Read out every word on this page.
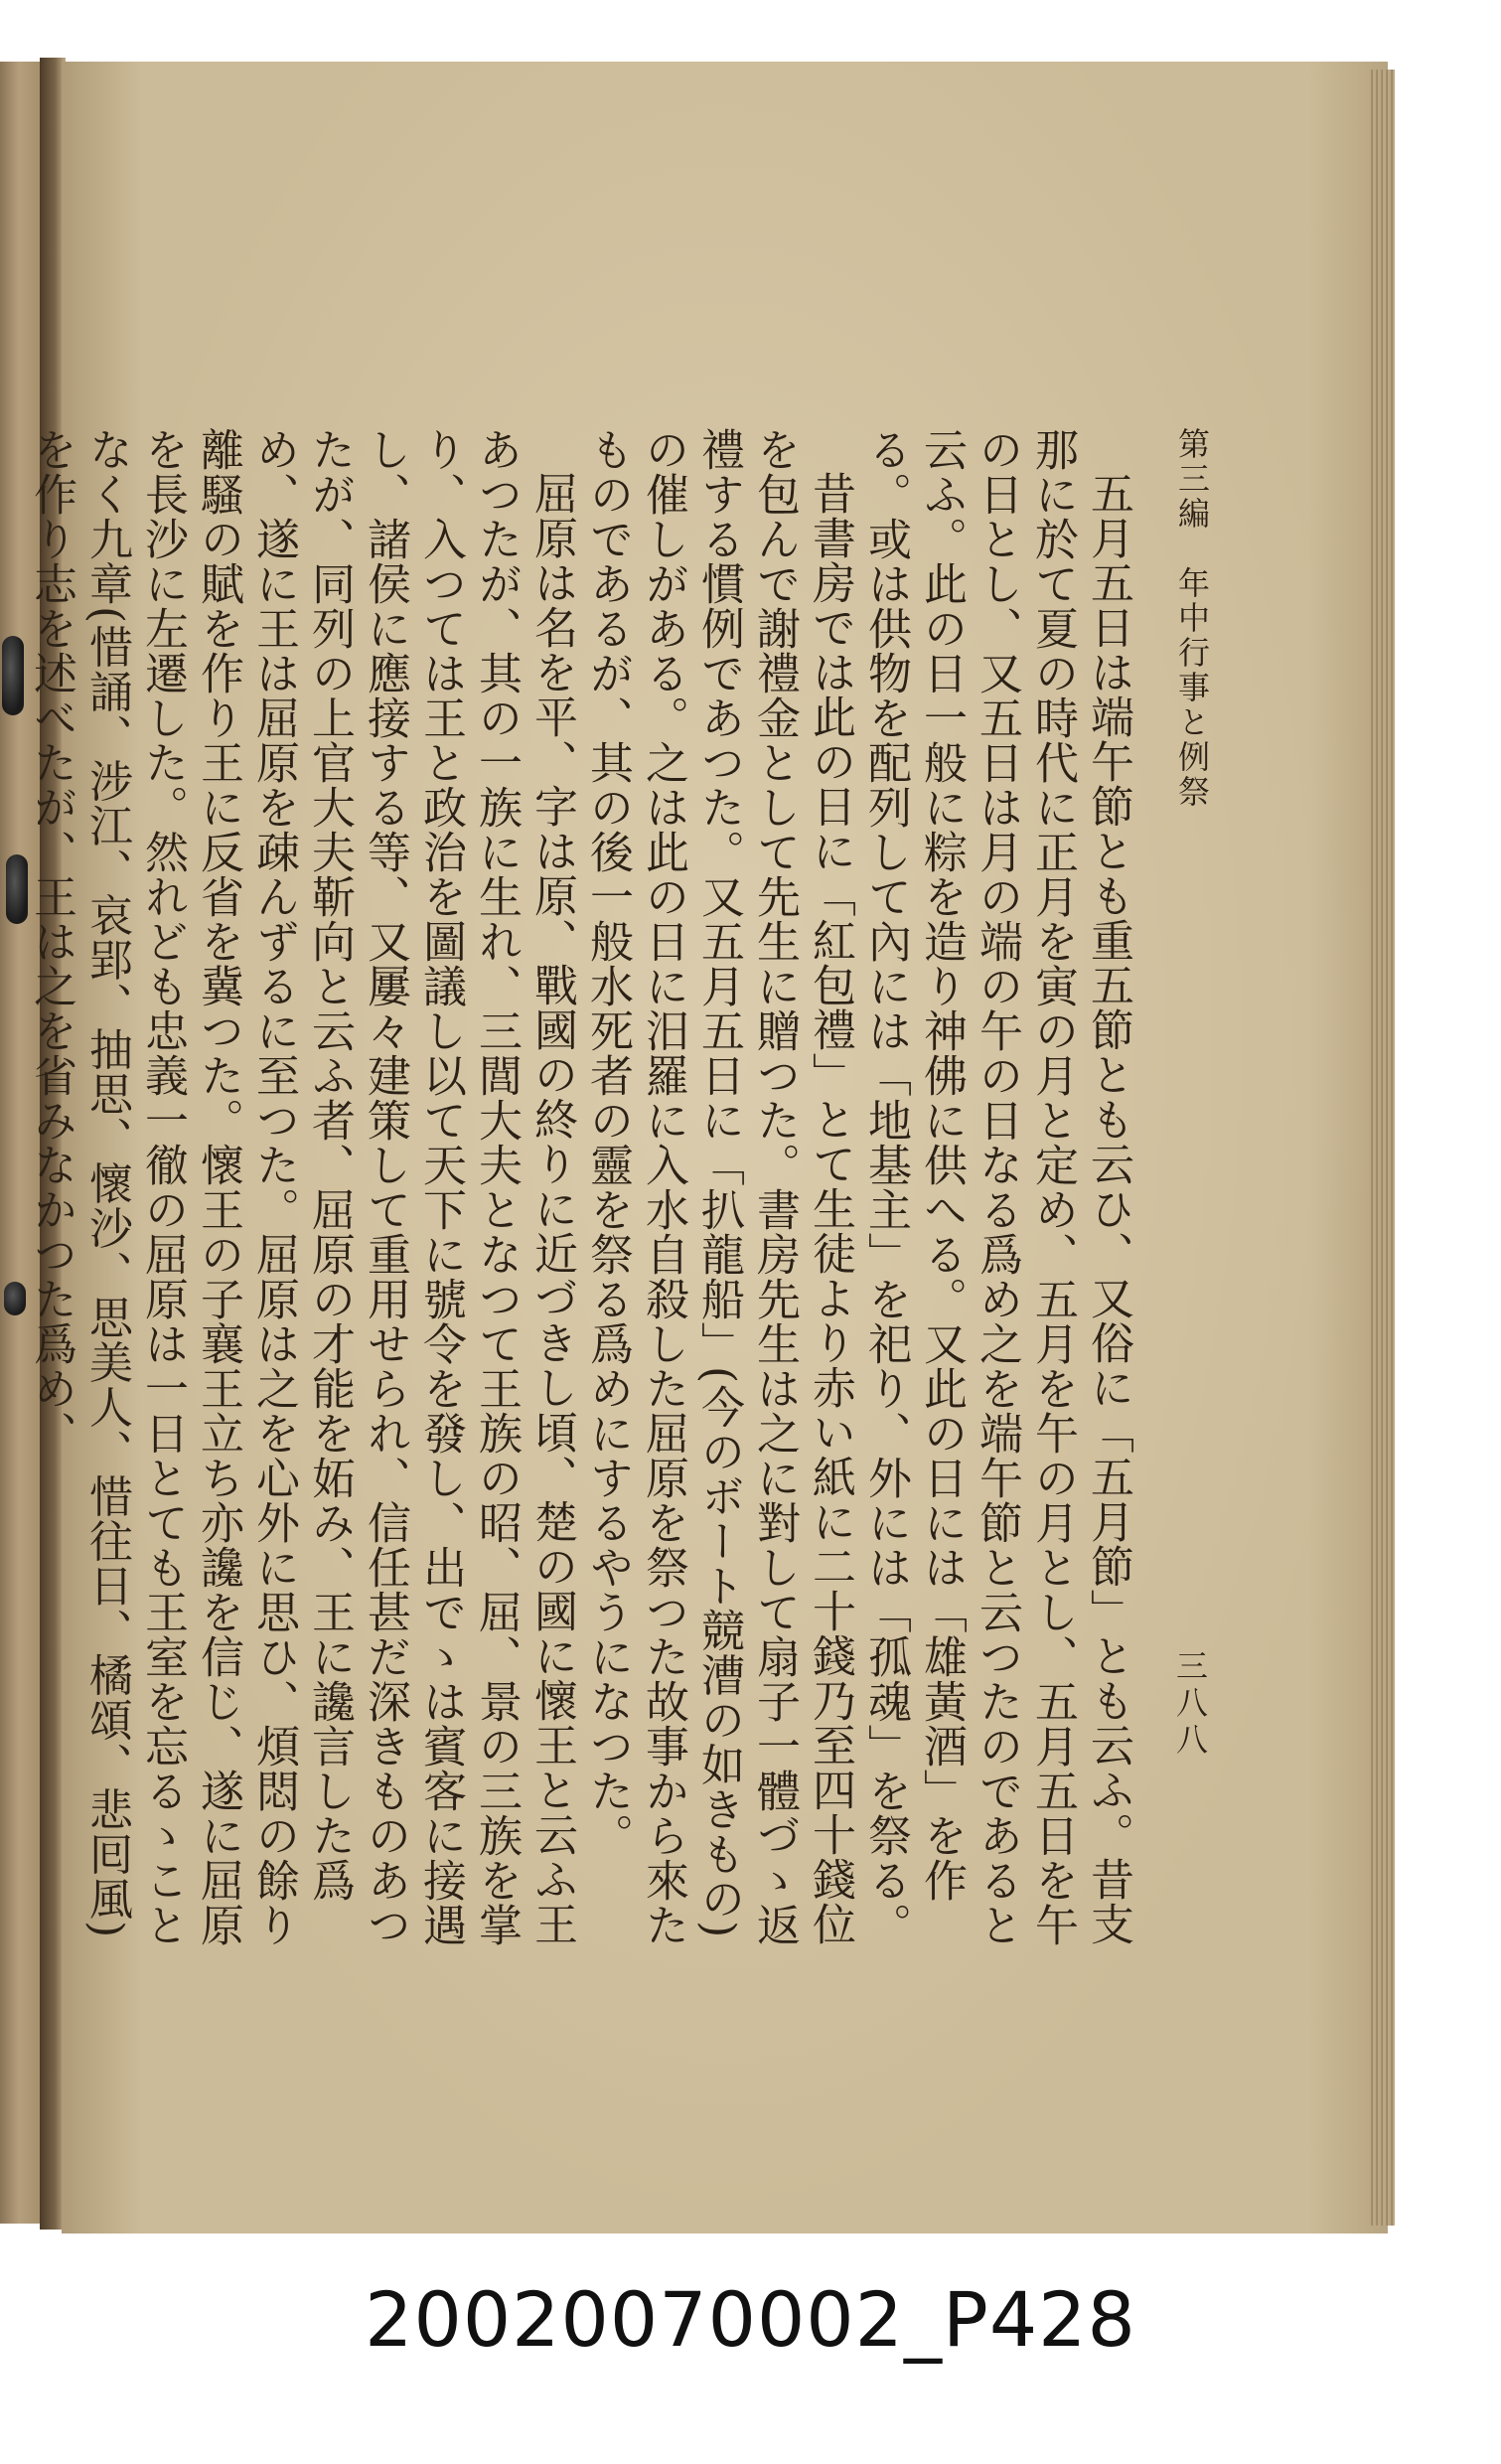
第三編　年中行事と例祭
三八八

五月五日は端午節とも重五節とも云ひ、又俗に「五月節」とも云ふ。昔支那に於て夏の時代に正月を寅の月と定め、五月を午の月とし、五月五日を午の日とし、又五日は月の端の午の日なる爲め之を端午節と云つたのであると云ふ。此の日一般に粽を造り神佛に供へる。又此の日には「雄黃酒」を作る。或は供物を配列して內には「地基主」を祀り、外には「孤魂」を祭る。

昔書房では此の日に「紅包禮」とて生徒より赤い紙に二十錢乃至四十錢位を包んで謝禮金として先生に贈つた。書房先生は之に對して扇子一體づゝ返禮する慣例であつた。又五月五日に「扒龍船」(今のボート競漕の如きもの)の催しがある。之は此の日に汨羅に入水自殺した屈原を祭つた故事から來たものであるが、其の後一般水死者の靈を祭る爲めにするやうになつた。

屈原は名を平、字は原、戰國の終りに近づきし頃、楚の國に懷王と云ふ王あつたが、其の一族に生れ、三閭大夫となつて王族の昭、屈、景の三族を掌り、入つては王と政治を圖議し以て天下に號令を發し、出でゝは賓客に接遇し、諸侯に應接する等、又屢々建策して重用せられ、信任甚だ深きものあつたが、同列の上官大夫靳向と云ふ者、屈原の才能を妬み、王に讒言した爲め、遂に王は屈原を疎んずるに至つた。屈原は之を心外に思ひ、煩悶の餘り離騷の賦を作り王に反省を冀つた。懷王の子襄王立ち亦讒を信じ、遂に屈原を長沙に左遷した。然れども忠義一徹の屈原は一日とても王室を忘るゝことなく九章(惜誦、涉江、哀郢、抽思、懷沙、思美人、惜往日、橘頌、悲囘風)を作り志を述べたが、王は之を省みなかつた爲め、

20020070002_P428
